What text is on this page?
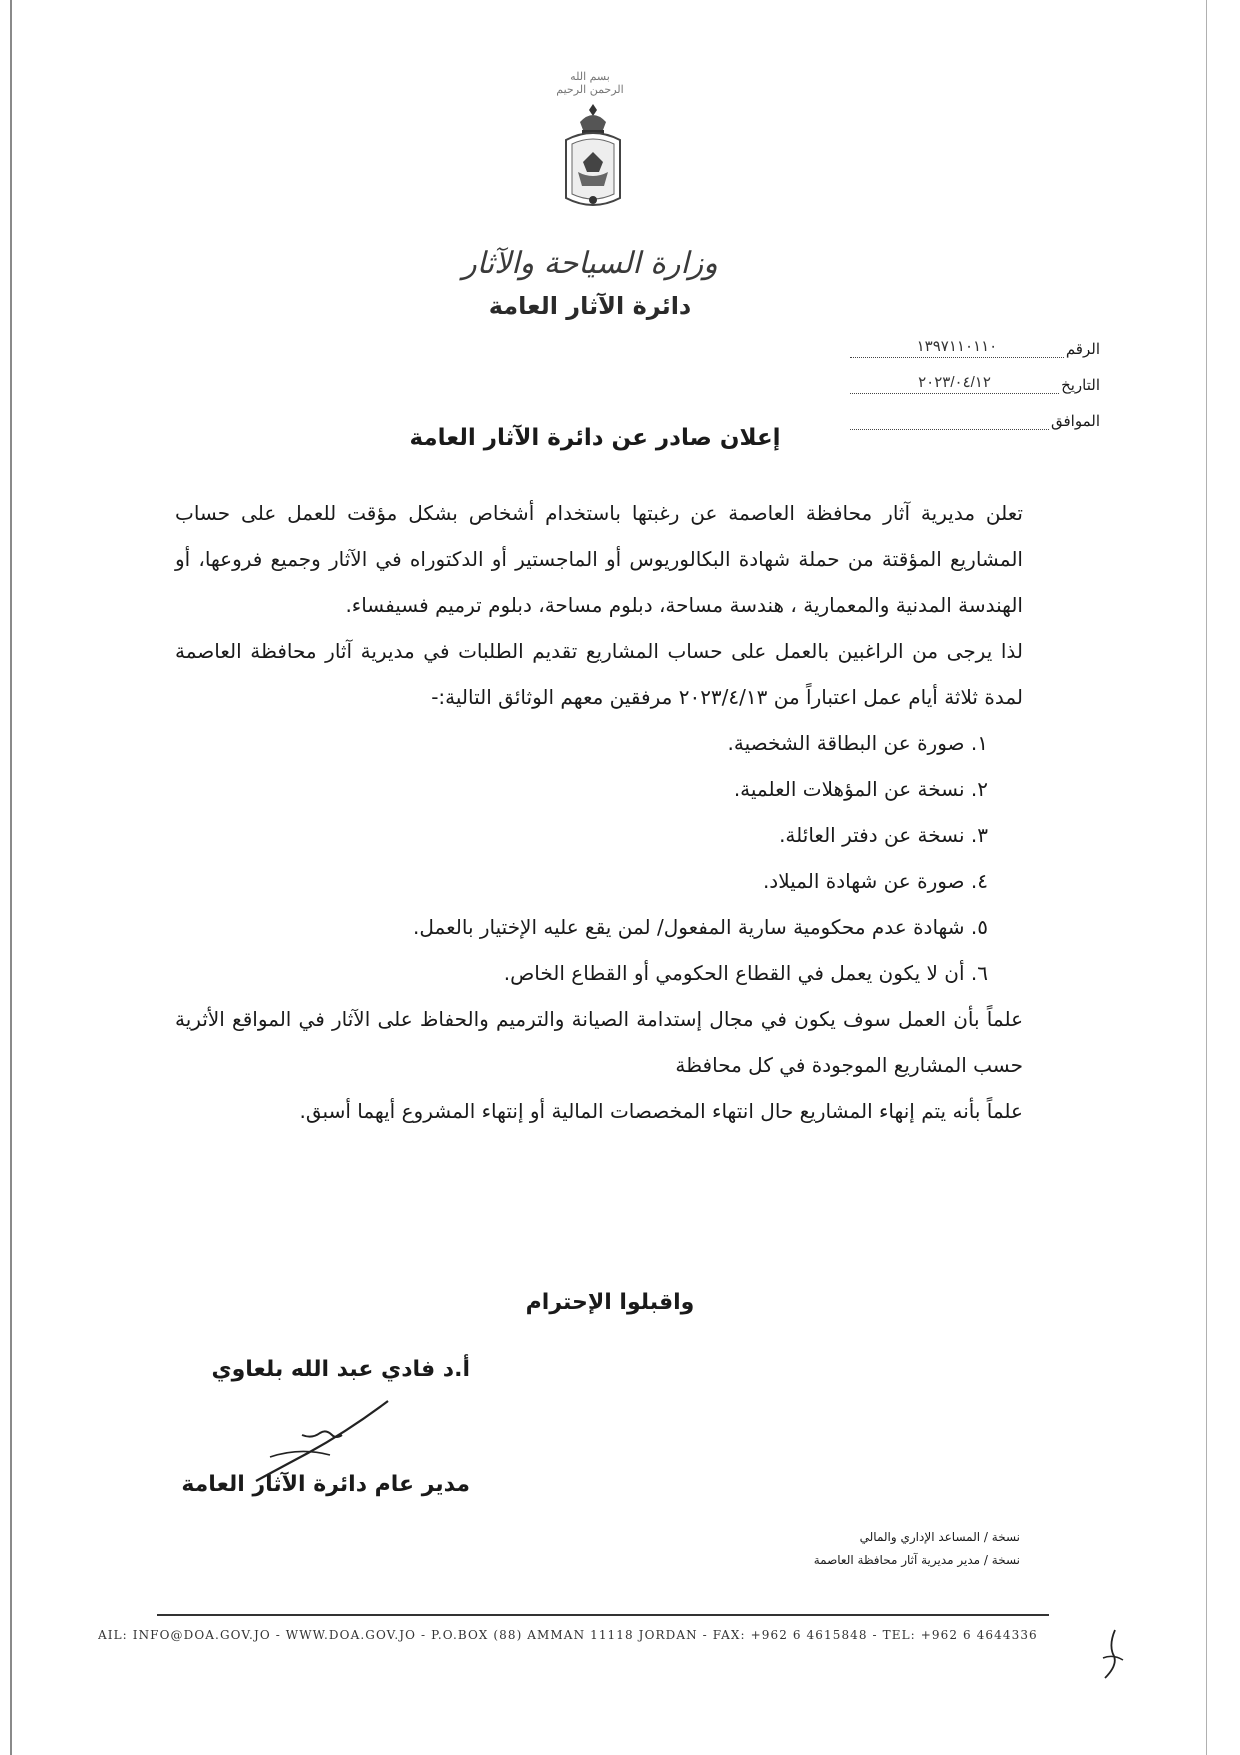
بسم الله الرحمن الرحيم
وزارة السياحة والآثار
دائرة الآثار العامة
الرقم
١٣٩٧١١٠١١٠
التاريخ
٢٠٢٣/٠٤/١٢
الموافق
إعلان صادر عن دائرة الآثار العامة

تعلن مديرية آثار محافظة العاصمة عن رغبتها باستخدام أشخاص بشكل مؤقت للعمل على حساب المشاريع المؤقتة من حملة شهادة البكالوريوس أو الماجستير أو الدكتوراه في الآثار وجميع فروعها، أو الهندسة المدنية والمعمارية ، هندسة مساحة، دبلوم مساحة، دبلوم ترميم فسيفساء.

لذا يرجى من الراغبين بالعمل على حساب المشاريع تقديم الطلبات في مديرية آثار محافظة العاصمة لمدة ثلاثة أيام عمل اعتباراً من ٢٠٢٣/٤/١٣ مرفقين معهم الوثائق التالية:-

١. صورة عن البطاقة الشخصية.
٢. نسخة عن المؤهلات العلمية.
٣. نسخة عن دفتر العائلة.
٤. صورة عن شهادة الميلاد.
٥. شهادة عدم محكومية سارية المفعول/ لمن يقع عليه الإختيار بالعمل.
٦. أن لا يكون يعمل في القطاع الحكومي أو القطاع الخاص.

علماً بأن العمل سوف يكون في مجال إستدامة الصيانة والترميم والحفاظ على الآثار في المواقع الأثرية حسب المشاريع الموجودة في كل محافظة

علماً بأنه يتم إنهاء المشاريع حال انتهاء المخصصات المالية أو إنتهاء المشروع أيهما أسبق.

واقبلوا الإحترام
أ.د فادي عبد الله بلعاوي
مدير عام دائرة الآثار العامة
نسخة / المساعد الإداري والمالي
نسخة / مدير مديرية آثار محافظة العاصمة
AIL: INFO@DOA.GOV.JO - WWW.DOA.GOV.JO - P.O.BOX (88) AMMAN 11118 JORDAN - FAX: +962 6 4615848 - TEL: +962 6 4644336
